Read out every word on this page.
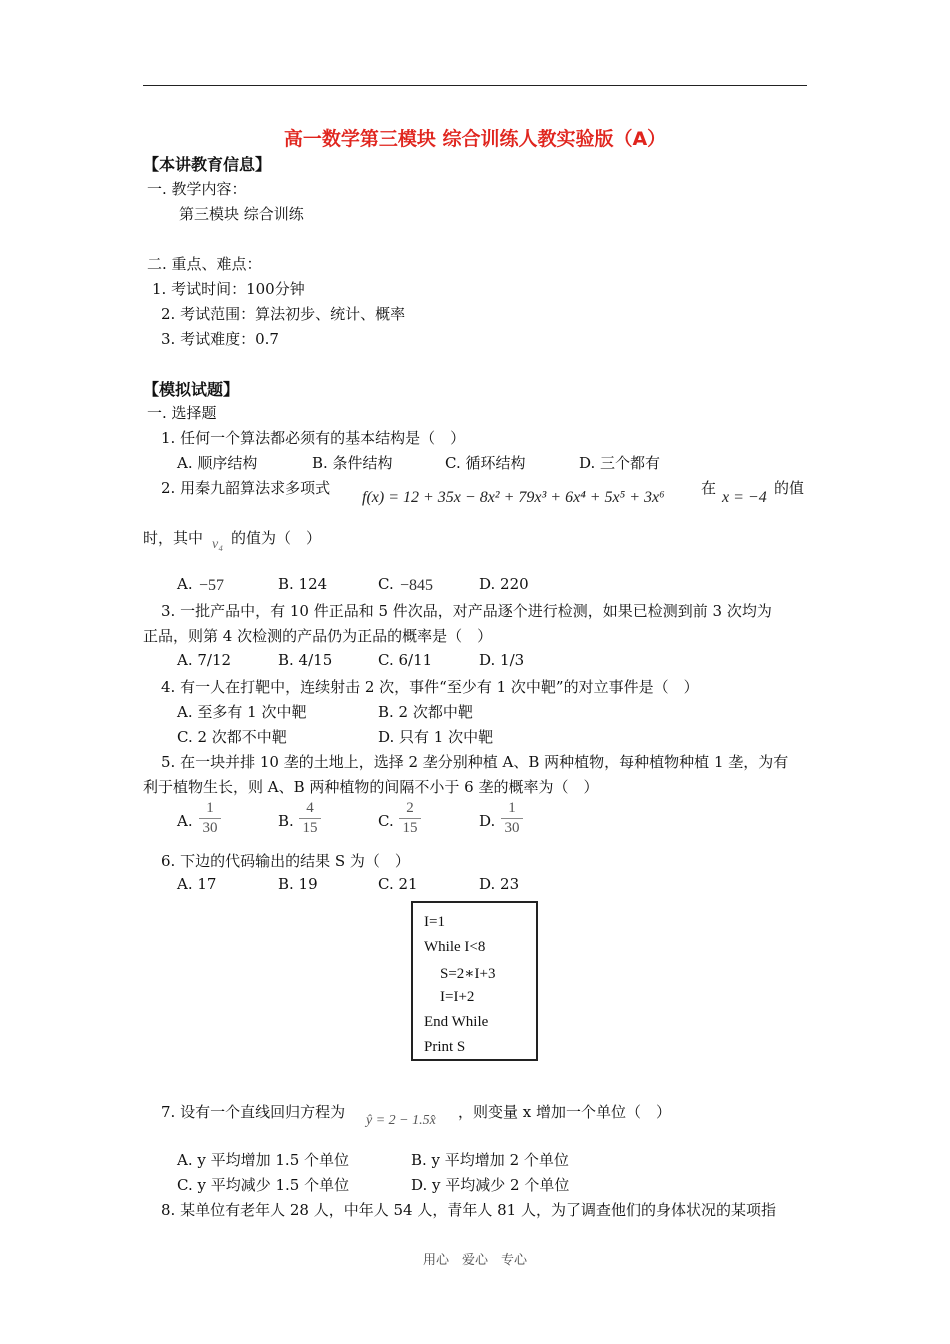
高一数学第三模块 综合训练人教实验版（A）
【本讲教育信息】
一. 教学内容：
第三模块 综合训练
二. 重点、难点：
1. 考试时间：100分钟
2. 考试范围：算法初步、统计、概率
3. 考试难度：0.7
【模拟试题】
一. 选择题
1. 任何一个算法都必须有的基本结构是（　）
A. 顺序结构	B. 条件结构	C. 循环结构	D. 三个都有
2. 用秦九韶算法求多项式
f(x) = 12 + 35x − 8x² + 79x³ + 6x⁴ + 5x⁵ + 3x⁶
在
x = −4
的值
时，其中 v₄ 的值为（　）
A. −57	B. 124	C. −845	D. 220
3. 一批产品中，有 10 件正品和 5 件次品，对产品逐个进行检测，如果已检测到前 3 次均为
正品，则第 4 次检测的产品仍为正品的概率是（　）
A. 7/12	B. 4/15	C. 6/11	D. 1/3
4. 有一人在打靶中，连续射击 2 次，事件“至少有 1 次中靶”的对立事件是（　）
A. 至多有 1 次中靶	B. 2 次都中靶
C. 2 次都不中靶	D. 只有 1 次中靶
5. 在一块并排 10 垄的土地上，选择 2 垄分别种植 A、B 两种植物，每种植物种植 1 垄，为有
利于植物生长，则 A、B 两种植物的间隔不小于 6 垄的概率为（　）
A.
1
30	B.
4
15	C.
2
15	D.
1
30
6. 下边的代码输出的结果 S 为（　）
A. 17	B. 19	C. 21	D. 23
I=1
While I<8
S=2∗I+3
I=I+2
End While
Print S
7. 设有一个直线回归方程为 ŷ = 2 − 1.5x̂ ，则变量 x 增加一个单位（　）
A. y 平均增加 1.5 个单位	B. y 平均增加 2 个单位
C. y 平均减少 1.5 个单位	D. y 平均减少 2 个单位
8. 某单位有老年人 28 人，中年人 54 人，青年人 81 人，为了调查他们的身体状况的某项指
用心　爱心　专心
